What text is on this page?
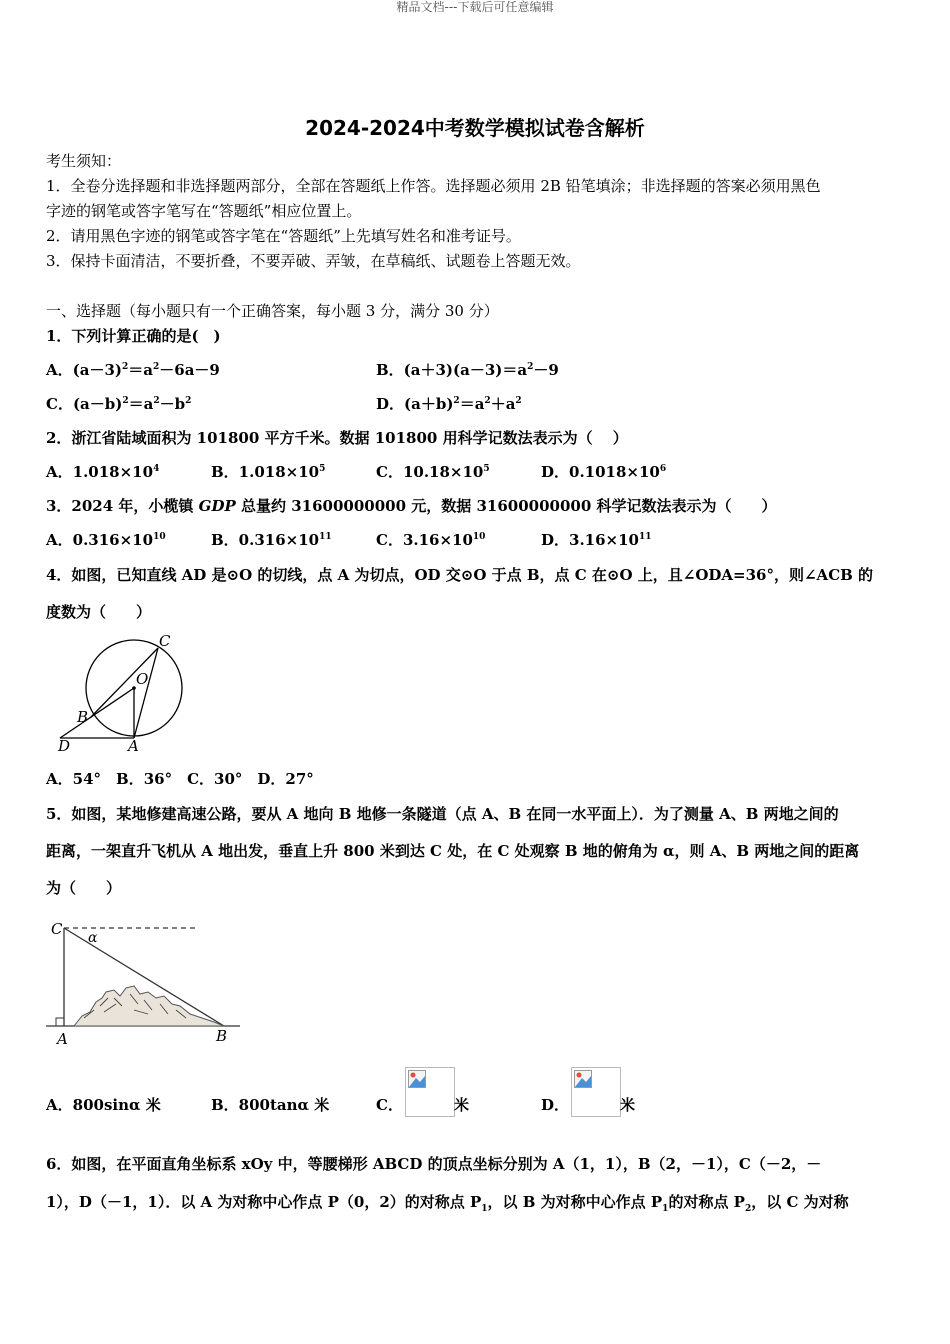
精品文档---下载后可任意编辑
2024-2024中考数学模拟试卷含解析
考生须知：
1．全卷分选择题和非选择题两部分，全部在答题纸上作答。选择题必须用 2B 铅笔填涂；非选择题的答案必须用黑色
字迹的钢笔或答字笔写在“答题纸”相应位置上。
2．请用黑色字迹的钢笔或答字笔在“答题纸”上先填写姓名和准考证号。
3．保持卡面清洁，不要折叠，不要弄破、弄皱，在草稿纸、试题卷上答题无效。
一、选择题（每小题只有一个正确答案，每小题 3 分，满分 30 分）
1．下列计算正确的是(　)
A．$(a-3)^2=a^2-6a-9$	B．$(a+3)(a-3)=a^2-9$
C．$(a-b)^2=a^2-b^2$	D．$(a+b)^2=a^2+a^2$
2．浙江省陆域面积为 101800 平方千米。数据 101800 用科学记数法表示为（　 ）
A．$1.018\times 10^4$	B．$1.018\times 10^5$	C．$10.18\times 10^5$	D．$0.1018\times 10^6$
3．2024 年，小榄镇 GDP 总量约 31600000000 元，数据 31600000000 科学记数法表示为（　　）
A．$0.316\times 10^{10}$	B．$0.316\times 10^{11}$	C．$3.16\times 10^{10}$	D．$3.16\times 10^{11}$
4．如图，已知直线 AD 是⊙O 的切线，点 A 为切点，OD 交⊙O 于点 B，点 C 在⊙O 上，且∠ODA=36°，则∠ACB 的
度数为（　　）
C
O
B
D	A
A．54°　B．36°　C．30°　D．27°
5．如图，某地修建高速公路，要从 A 地向 B 地修一条隧道（点 A、B 在同一水平面上）．为了测量 A、B 两地之间的
距离，一架直升飞机从 A 地出发，垂直上升 800 米到达 C 处，在 C 处观察 B 地的俯角为 α，则 A、B 两地之间的距离
为（　　）
C α
A	B
A．800sinα 米	B．800tanα 米	C．	米	D．	米
6．如图，在平面直角坐标系 xOy 中，等腰梯形 ABCD 的顶点坐标分别为 A（1，1），B（2，－1），C（－2，－
1），D（－1，1）．以 A 为对称中心作点 P（0，2）的对称点 $P_1$，以 B 为对称中心作点 $P_1$的对称点 $P_2$，以 C 为对称
